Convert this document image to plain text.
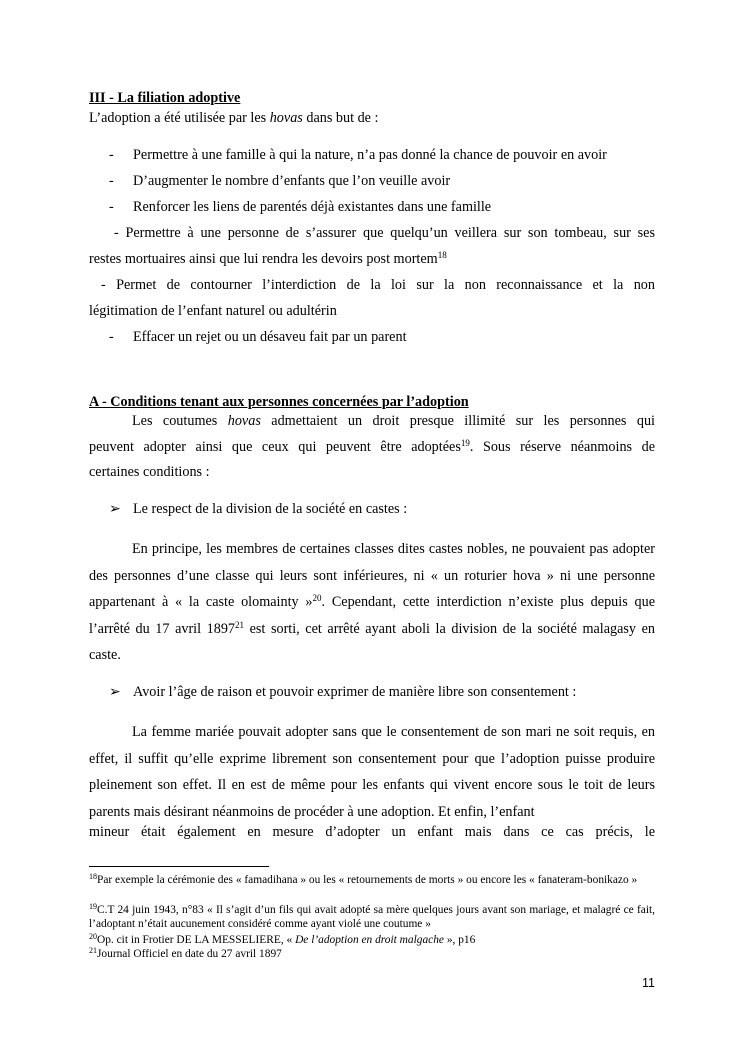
III - La filiation adoptive
L’adoption a été utilisée par les hovas dans but de :
- Permettre à une famille à qui la nature, n’a pas donné la chance de pouvoir en avoir
- D’augmenter le nombre d’enfants que l’on veuille avoir
- Renforcer les liens de parentés déjà existantes dans une famille
- Permettre à une personne de s’assurer que quelqu’un veillera sur son tombeau, sur ses
restes mortuaires ainsi que lui rendra les devoirs post mortem$^{18}$
- Permet de contourner l’interdiction de la loi sur la non reconnaissance et la non
légitimation de l’enfant naturel ou adultérin
- Effacer un rejet ou un désaveu fait par un parent
A - Conditions tenant aux personnes concernées par l’adoption
Les coutumes hovas admettaient un droit presque illimité sur les personnes qui
peuvent adopter ainsi que ceux qui peuvent être adoptées$^{19}$. Sous réserve néanmoins de
certaines conditions :
➢ Le respect de la division de la société en castes :
En principe, les membres de certaines classes dites castes nobles, ne pouvaient pas adopter des personnes d’une classe qui leurs sont inférieures, ni « un roturier hova » ni une personne appartenant à « la caste olomainty »$^{20}$. Cependant, cette interdiction n’existe plus depuis que l’arrêté du 17 avril 1897$^{21}$ est sorti, cet arrêté ayant aboli la division de la société malagasy en caste.
➢ Avoir l’âge de raison et pouvoir exprimer de manière libre son consentement :
La femme mariée pouvait adopter sans que le consentement de son mari ne soit requis, en effet, il suffit qu’elle exprime librement son consentement pour que l’adoption puisse produire pleinement son effet. Il en est de même pour les enfants qui vivent encore sous le toit de leurs parents mais désirant néanmoins de procéder à une adoption. Et enfin, l’enfant
mineur était également en mesure d’adopter un enfant mais dans ce cas précis, le
$^{18}$Par exemple la cérémonie des « famadihana » ou les « retournements de morts » ou encore les « fanateram-bonikazo »
$^{19}$C.T 24 juin 1943, n°83 « Il s’agit d’un fils qui avait adopté sa mère quelques jours avant son mariage, et malagré ce fait, l’adoptant n’était aucunement considéré comme ayant violé une coutume »
$^{20}$Op. cit in Frotier DE LA MESSELIERE, « De l’adoption en droit malgache », p16
$^{21}$Journal Officiel en date du 27 avril 1897
11
